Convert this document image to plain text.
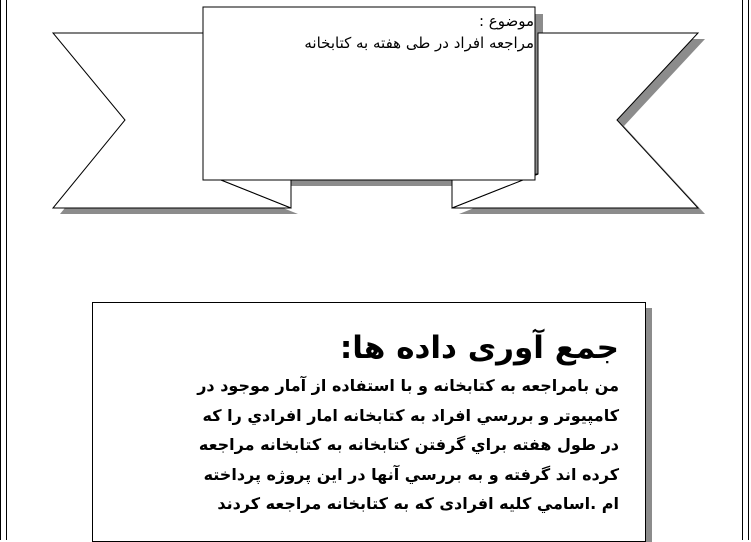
موضوع :
مراجعه افراد در طی هفته به کتابخانه
جمع آوری داده ها:
من بامراجعه به کتابخانه و با استفاده از آمار موجود در
كامپيوتر و بررسي افراد به كتابخانه امار افرادي را كه
در طول هفته براي گرفتن كتابخانه به كتابخانه مراجعه
كرده اند گرفته و به بررسي آنها در اين پروژه پرداخته
ام .اسامي كليه افرادی که به كتابخانه مراجعه كردند
